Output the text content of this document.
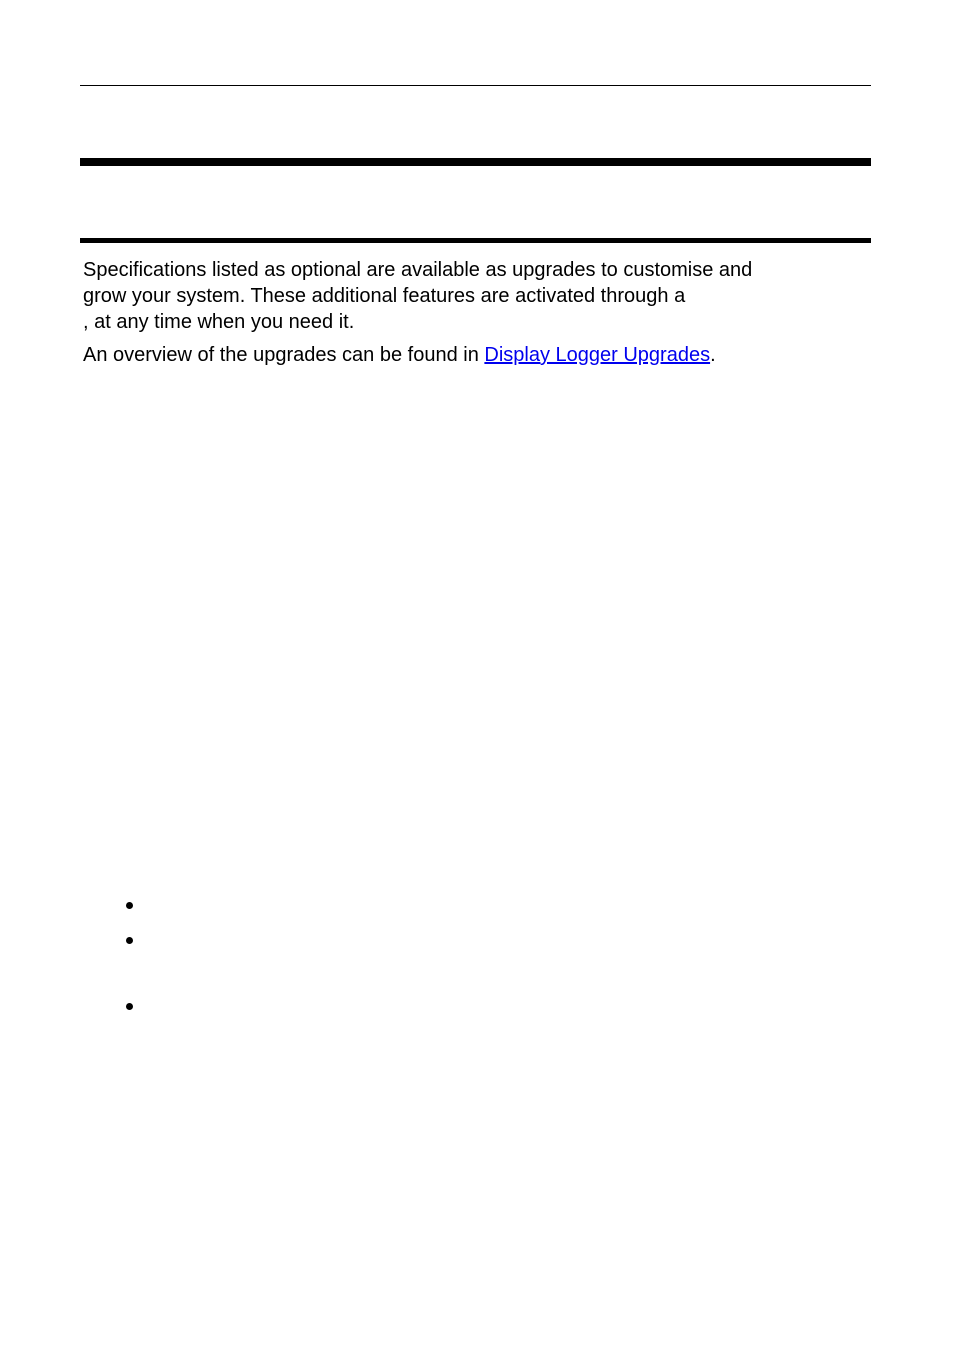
Specifications listed as optional are available as upgrades to customise and
grow your system. These additional features are activated through a
, at any time when you need it.

An overview of the upgrades can be found in Display Logger Upgrades.
